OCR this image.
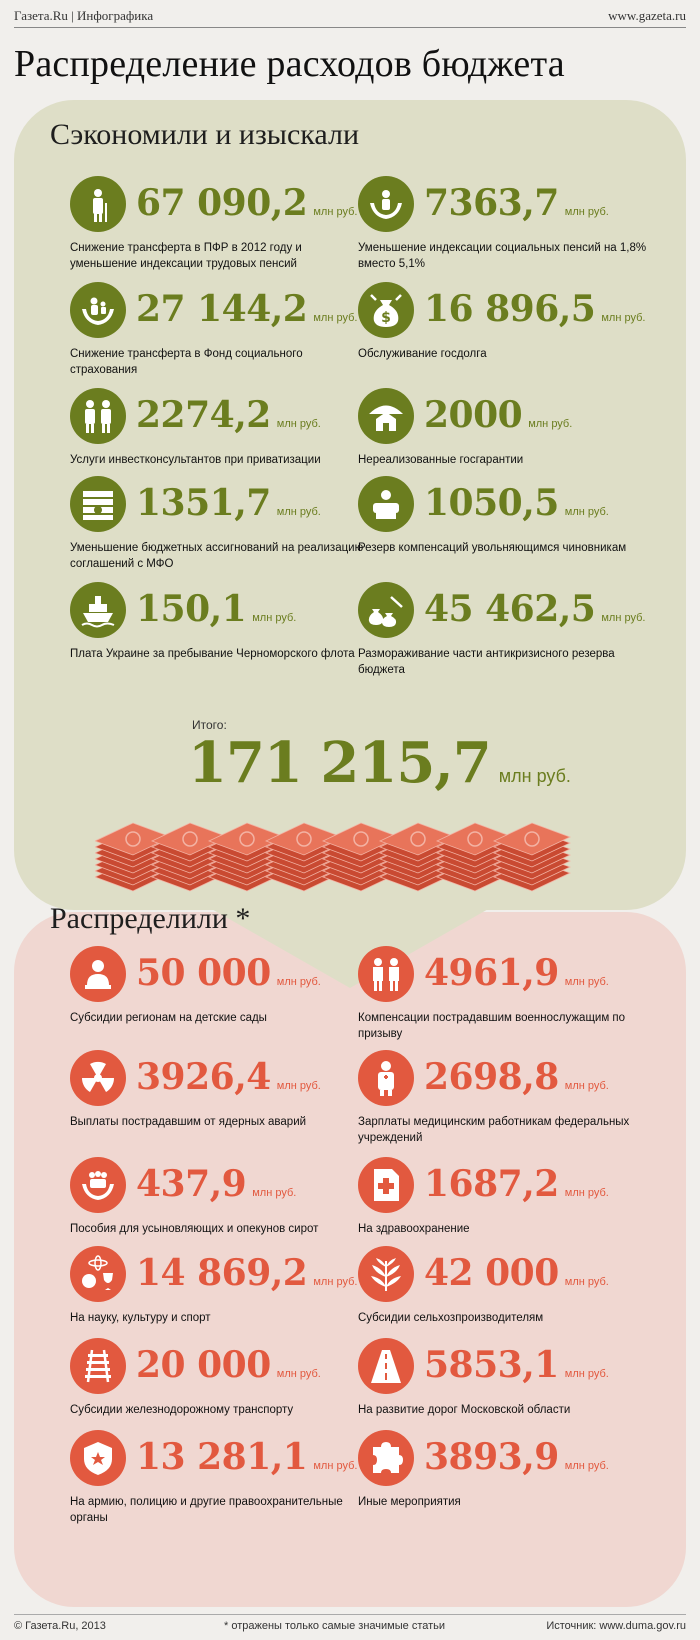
Газета.Ru | Инфографика	www.gazeta.ru
Распределение расходов бюджета
Сэкономили и изыскали
Распределили *
67 090,2 млн руб.
Снижение трансферта в ПФР в 2012 году и уменьшение индексации трудовых пенсий
7363,7 млн руб.
Уменьшение индексации социальных пенсий на 1,8% вместо 5,1%
27 144,2 млн руб.
Снижение трансферта в Фонд социального страхования
$ 16 896,5 млн руб.
Обслуживание госдолга
2274,2 млн руб.
Услуги инвестконсультантов при приватизации
2000 млн руб.
Нереализованные госгарантии
1351,7 млн руб.
Уменьшение бюджетных ассигнований на реализацию соглашений с МФО
1050,5 млн руб.
Резерв компенсаций увольняющимся чиновникам
150,1 млн руб.
Плата Украине за пребывание Черноморского флота
45 462,5 млн руб.
Размораживание части антикризисного резерва бюджета
50 000 млн руб.
Субсидии регионам на детские сады
4961,9 млн руб.
Компенсации пострадавшим военнослужащим по призыву
3926,4 млн руб.
Выплаты пострадавшим от ядерных аварий
2698,8 млн руб.
Зарплаты медицинским работникам федеральных учреждений
437,9 млн руб.
Пособия для усыновляющих и опекунов сирот
1687,2 млн руб.
На здравоохранение
14 869,2 млн руб.
На науку, культуру и спорт
42 000 млн руб.
Субсидии сельхозпроизводителям
20 000 млн руб.
Субсидии железнодорожному транспорту
5853,1 млн руб.
На развитие дорог Московской области
13 281,1 млн руб.
На армию, полицию и другие правоохранительные органы
3893,9 млн руб.
Иные мероприятия
Итого:
171 215,7 млн руб.
© Газета.Ru, 2013	* отражены только самые значимые статьи	Источник: www.duma.gov.ru
